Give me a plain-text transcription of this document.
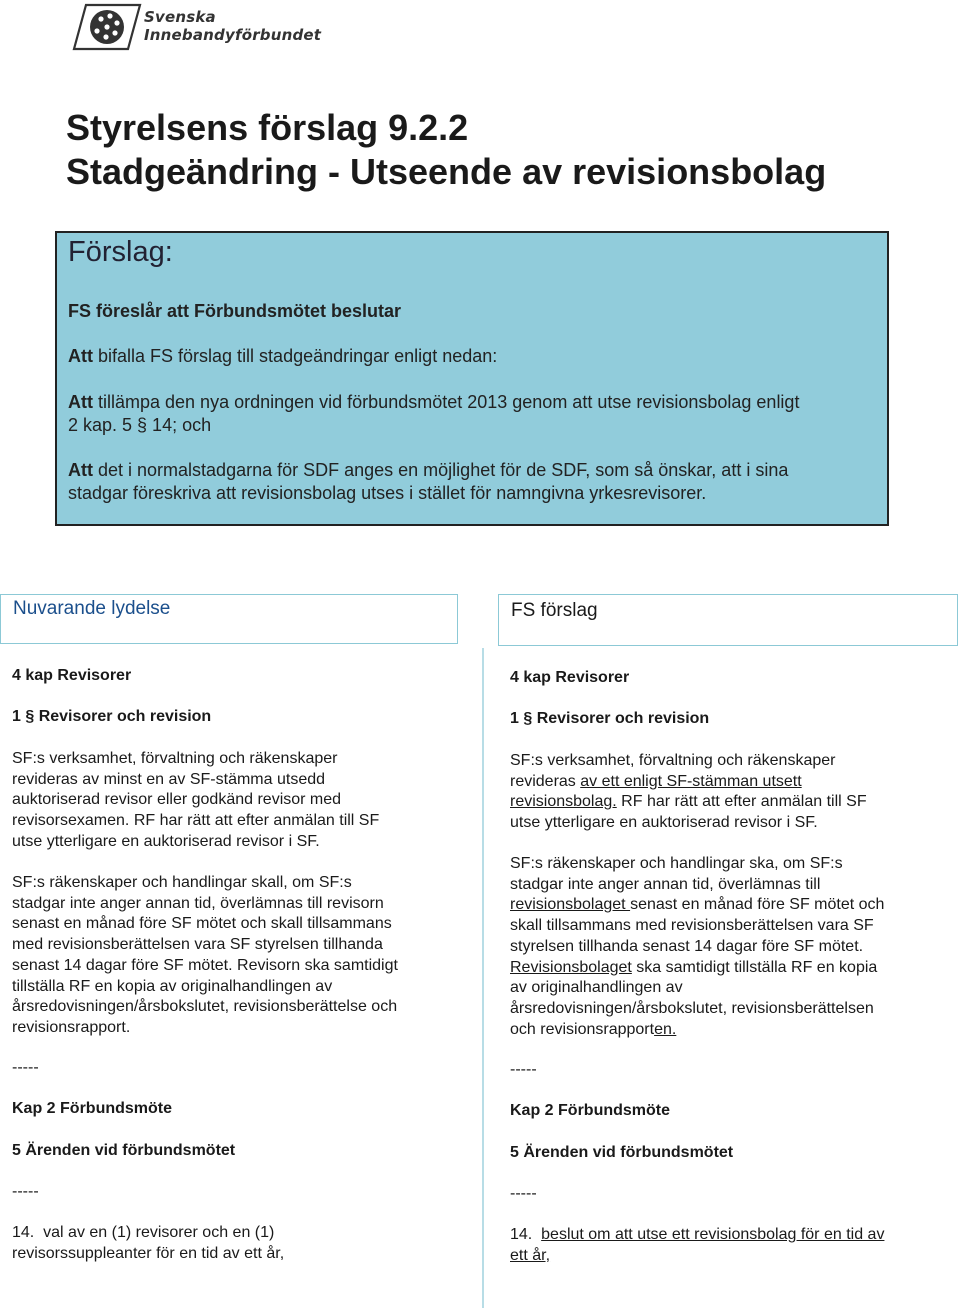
Svenska
Innebandyförbundet
Styrelsens förslag 9.2.2
Stadgeändring - Utseende av revisionsbolag
Förslag:
FS föreslår att Förbundsmötet beslutar
Att bifalla FS förslag till stadgeändringar enligt nedan:
Att tillämpa den nya ordningen vid förbundsmötet 2013 genom att utse revisionsbolag enligt
2 kap. 5 § 14; och
Att det i normalstadgarna för SDF anges en möjlighet för de SDF, som så önskar, att i sina
stadgar föreskriva att revisionsbolag utses i stället för namngivna yrkesrevisorer.
Nuvarande lydelse	FS förslag
4 kap Revisorer
1 § Revisorer och revision
SF:s verksamhet, förvaltning och räkenskaper
revideras av minst en av SF-stämma utsedd
auktoriserad revisor eller godkänd revisor med
revisorsexamen. RF har rätt att efter anmälan till SF
utse ytterligare en auktoriserad revisor i SF.
SF:s räkenskaper och handlingar skall, om SF:s
stadgar inte anger annan tid, överlämnas till revisorn
senast en månad före SF mötet och skall tillsammans
med revisionsberättelsen vara SF styrelsen tillhanda
senast 14 dagar före SF mötet. Revisorn ska samtidigt
tillställa RF en kopia av originalhandlingen av
årsredovisningen/årsbokslutet, revisionsberättelse och
revisionsrapport.
-----
Kap 2 Förbundsmöte
5 Ärenden vid förbundsmötet
-----
14. val av en (1) revisorer och en (1)
revisorssuppleanter för en tid av ett år,
4 kap Revisorer
1 § Revisorer och revision
SF:s verksamhet, förvaltning och räkenskaper
revideras av ett enligt SF-stämman utsett
revisionsbolag. RF har rätt att efter anmälan till SF
utse ytterligare en auktoriserad revisor i SF.
SF:s räkenskaper och handlingar ska, om SF:s
stadgar inte anger annan tid, överlämnas till
revisionsbolaget senast en månad före SF mötet och
skall tillsammans med revisionsberättelsen vara SF
styrelsen tillhanda senast 14 dagar före SF mötet.
Revisionsbolaget ska samtidigt tillställa RF en kopia
av originalhandlingen av
årsredovisningen/årsbokslutet, revisionsberättelsen
och revisionsrapporten.
-----
Kap 2 Förbundsmöte
5 Ärenden vid förbundsmötet
-----
14. beslut om att utse ett revisionsbolag för en tid av
ett år,
